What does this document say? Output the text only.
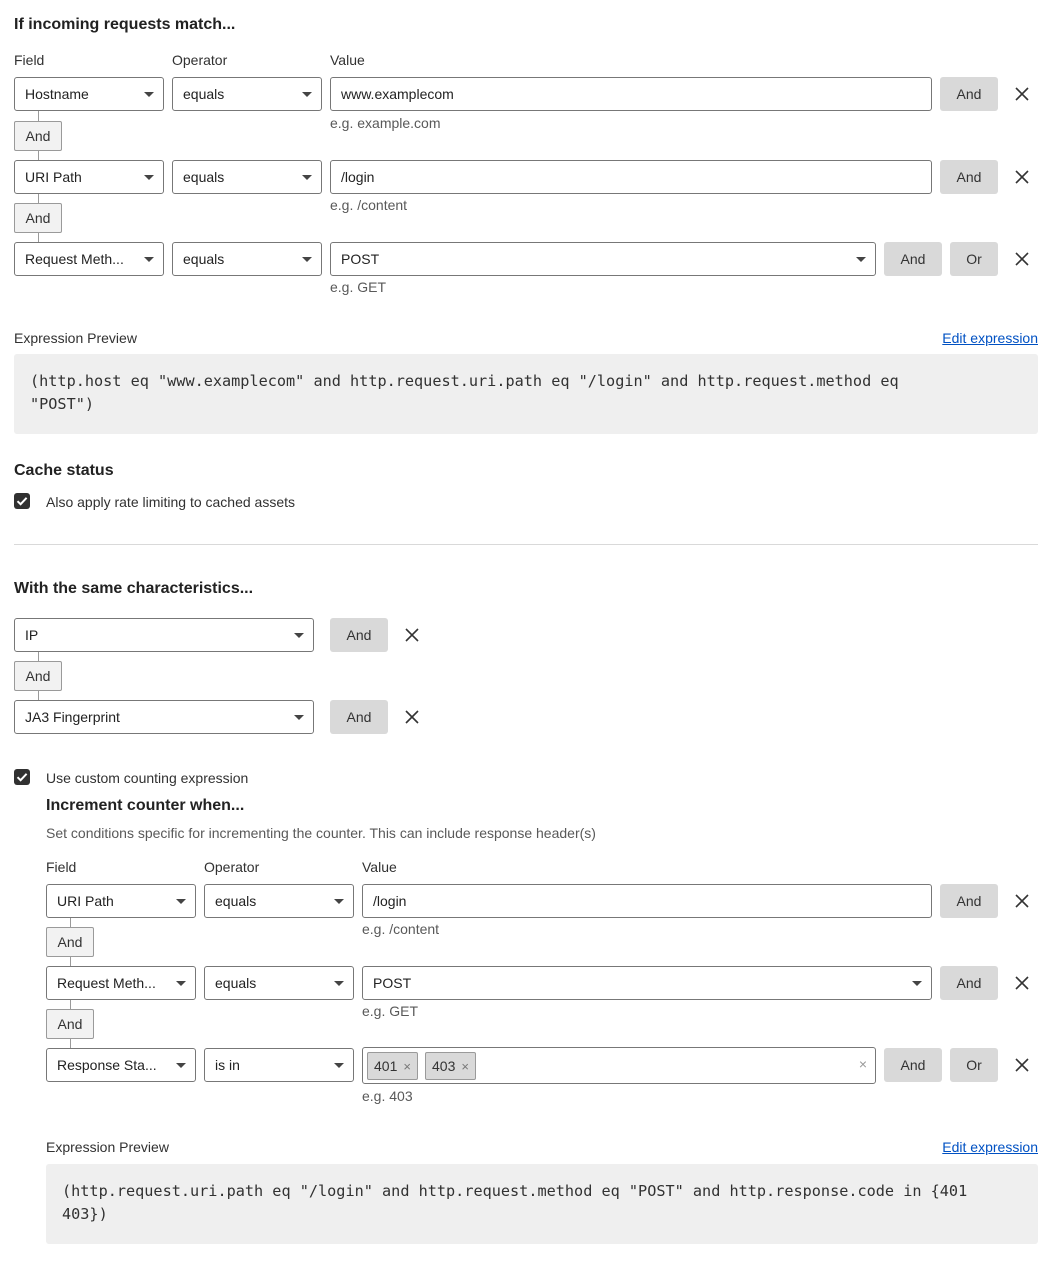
If incoming requests match...
Field	Operator	Value
Hostname	equals	www.examplecom
e.g. example.com
And
And
URI Path	equals	/login
e.g. /content
And
And
Request Meth...	equals	POST
e.g. GET
And	Or
Expression Preview	Edit expression
(http.host eq "www.examplecom" and http.request.uri.path eq "/login" and http.request.method eq
"POST")
Cache status
Also apply rate limiting to cached assets
With the same characteristics...
IP	And
And
JA3 Fingerprint	And
Use custom counting expression
Increment counter when...
Set conditions specific for incrementing the counter. This can include response header(s)
Field	Operator	Value
URI Path	equals	/login
e.g. /content
And
And
Request Meth...	equals	POST
e.g. GET
And
And
Response Sta...	is in	401 ×	403 ×	×
e.g. 403
And	Or
Expression Preview	Edit expression
(http.request.uri.path eq "/login" and http.request.method eq "POST" and http.response.code in {401
403})
